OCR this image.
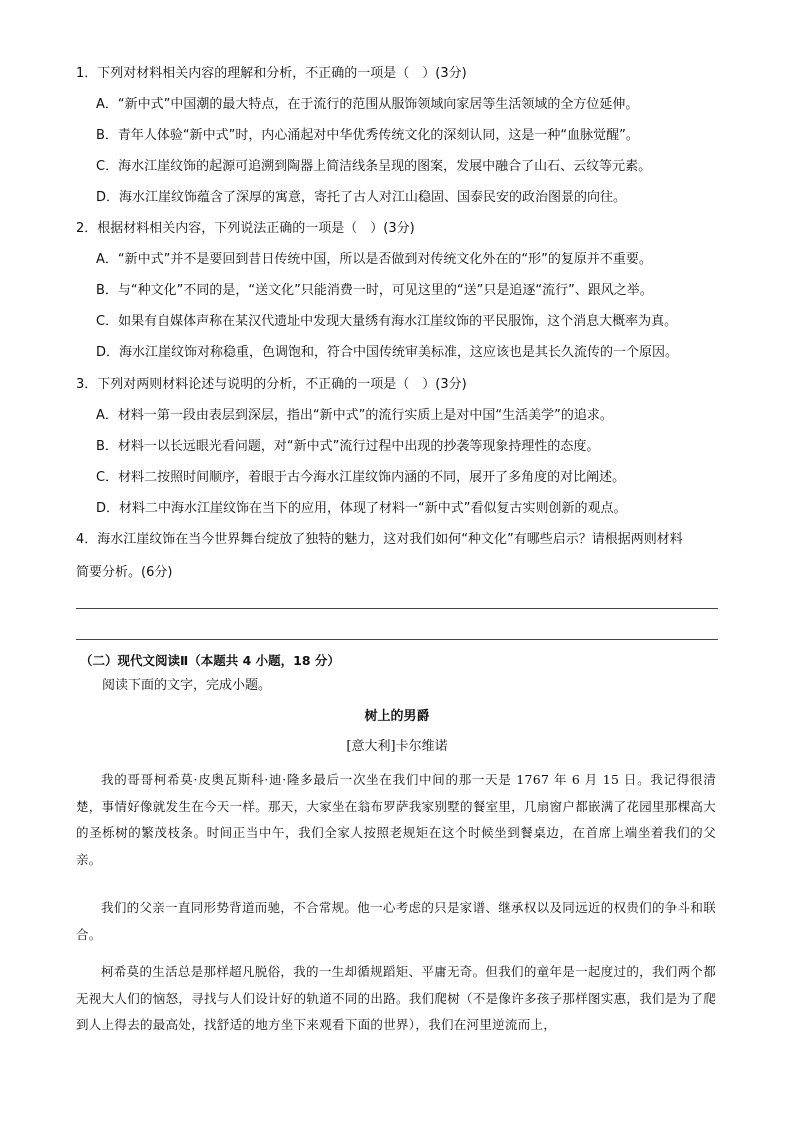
1．下列对材料相关内容的理解和分析，不正确的一项是（　）(3分)
A．“新中式”中国潮的最大特点，在于流行的范围从服饰领域向家居等生活领域的全方位延伸。
B．青年人体验“新中式”时，内心涌起对中华优秀传统文化的深刻认同，这是一种“血脉觉醒”。
C．海水江崖纹饰的起源可追溯到陶器上简洁线条呈现的图案，发展中融合了山石、云纹等元素。
D．海水江崖纹饰蕴含了深厚的寓意，寄托了古人对江山稳固、国泰民安的政治图景的向往。
2．根据材料相关内容，下列说法正确的一项是（　）(3分)
A．“新中式”并不是要回到昔日传统中国，所以是否做到对传统文化外在的“形”的复原并不重要。
B．与“种文化”不同的是，“送文化”只能消费一时，可见这里的“送”只是追逐“流行”、跟风之举。
C．如果有自媒体声称在某汉代遗址中发现大量绣有海水江崖纹饰的平民服饰，这个消息大概率为真。
D．海水江崖纹饰对称稳重，色调饱和，符合中国传统审美标准，这应该也是其长久流传的一个原因。
3．下列对两则材料论述与说明的分析，不正确的一项是（　）(3分)
A．材料一第一段由表层到深层，指出“新中式”的流行实质上是对中国“生活美学”的追求。
B．材料一以长远眼光看问题，对“新中式”流行过程中出现的抄袭等现象持理性的态度。
C．材料二按照时间顺序，着眼于古今海水江崖纹饰内涵的不同，展开了多角度的对比阐述。
D．材料二中海水江崖纹饰在当下的应用，体现了材料一“新中式”看似复古实则创新的观点。
4．海水江崖纹饰在当今世界舞台绽放了独特的魅力，这对我们如何“种文化”有哪些启示？请根据两则材料
简要分析。(6分)
（二）现代文阅读Ⅱ（本题共 4 小题，18 分）
阅读下面的文字，完成小题。
树上的男爵
[意大利]卡尔维诺

我的哥哥柯希莫·皮奥瓦斯科·迪·隆多最后一次坐在我们中间的那一天是 1767 年 6 月 15 日。我记得很清楚，事情好像就发生在今天一样。那天，大家坐在翁布罗萨我家别墅的餐室里，几扇窗户都嵌满了花园里那棵高大的圣栎树的繁茂枝条。时间正当中午，我们全家人按照老规矩在这个时候坐到餐桌边，在首席上端坐着我们的父亲。

我们的父亲一直同形势背道而驰，不合常规。他一心考虑的只是家谱、继承权以及同远近的权贵们的争斗和联合。

柯希莫的生活总是那样超凡脱俗，我的一生却循规蹈矩、平庸无奇。但我们的童年是一起度过的，我们两个都无视大人们的恼怒，寻找与人们设计好的轨道不同的出路。我们爬树（不是像许多孩子那样图实惠，我们是为了爬到人上得去的最高处，找舒适的地方坐下来观看下面的世界），我们在河里逆流而上，
